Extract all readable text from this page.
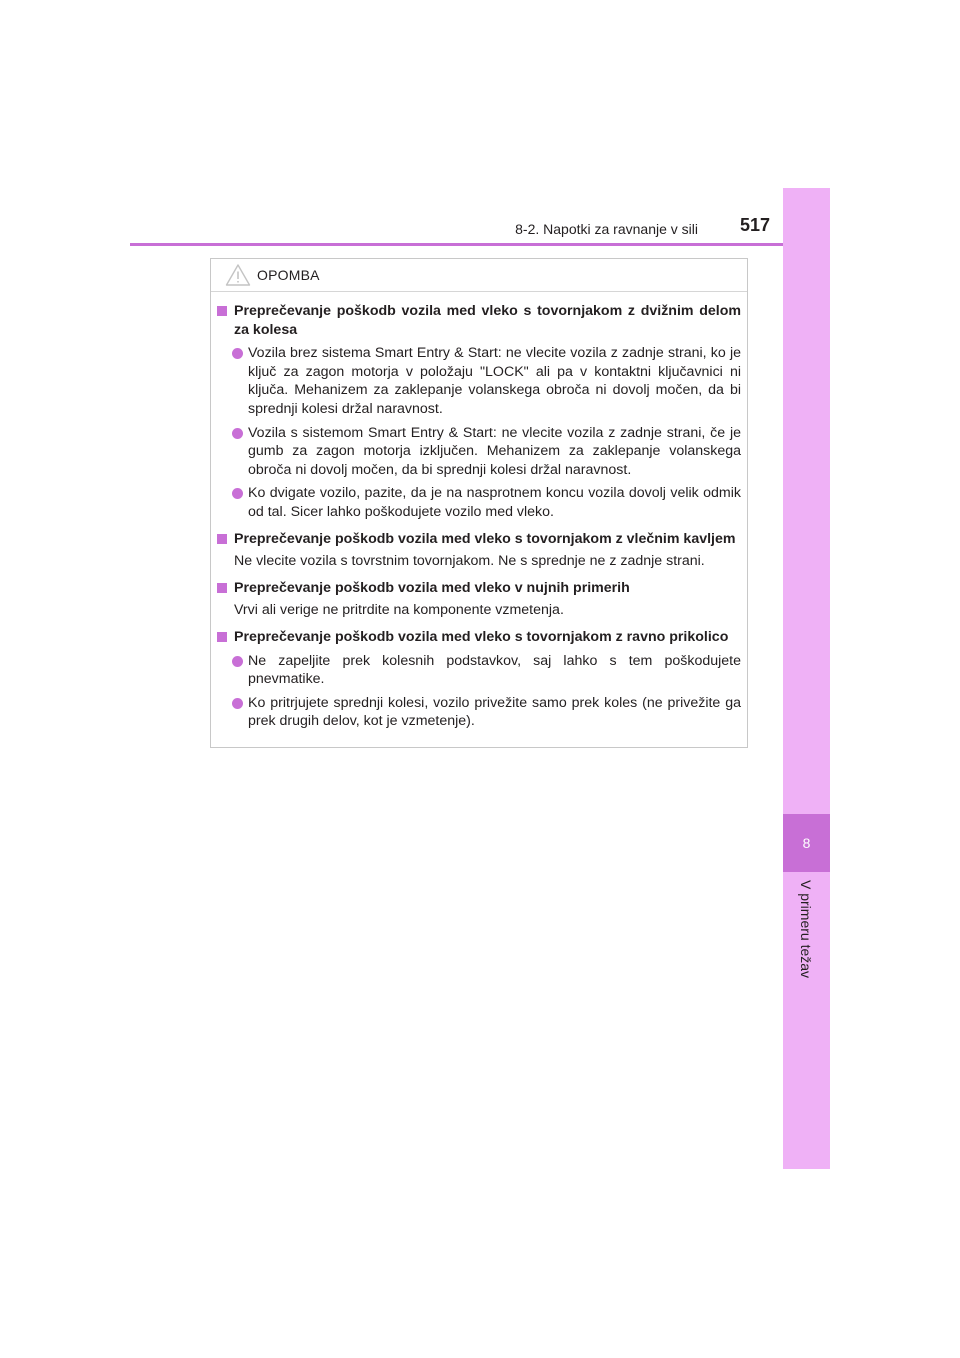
8-2. Napotki za ravnanje v sili 517
8
V primeru težav
OPOMBA
Preprečevanje poškodb vozila med vleko s tovornjakom z dvižnim delom za kolesa
Vozila brez sistema Smart Entry & Start: ne vlecite vozila z zadnje strani, ko je ključ za zagon motorja v položaju "LOCK" ali pa v kontaktni ključavnici ni ključa. Mehanizem za zaklepanje volanskega obroča ni dovolj močen, da bi sprednji kolesi držal naravnost.
Vozila s sistemom Smart Entry & Start: ne vlecite vozila z zadnje strani, če je gumb za zagon motorja izključen. Mehanizem za zaklepanje volanskega obroča ni dovolj močen, da bi sprednji kolesi držal naravnost.
Ko dvigate vozilo, pazite, da je na nasprotnem koncu vozila dovolj velik odmik od tal. Sicer lahko poškodujete vozilo med vleko.
Preprečevanje poškodb vozila med vleko s tovornjakom z vlečnim kavljem
Ne vlecite vozila s tovrstnim tovornjakom. Ne s sprednje ne z zadnje strani.
Preprečevanje poškodb vozila med vleko v nujnih primerih
Vrvi ali verige ne pritrdite na komponente vzmetenja.
Preprečevanje poškodb vozila med vleko s tovornjakom z ravno prikolico
Ne zapeljite prek kolesnih podstavkov, saj lahko s tem poškodujete pnevmatike.
Ko pritrjujete sprednji kolesi, vozilo privežite samo prek koles (ne privežite ga prek drugih delov, kot je vzmetenje).
